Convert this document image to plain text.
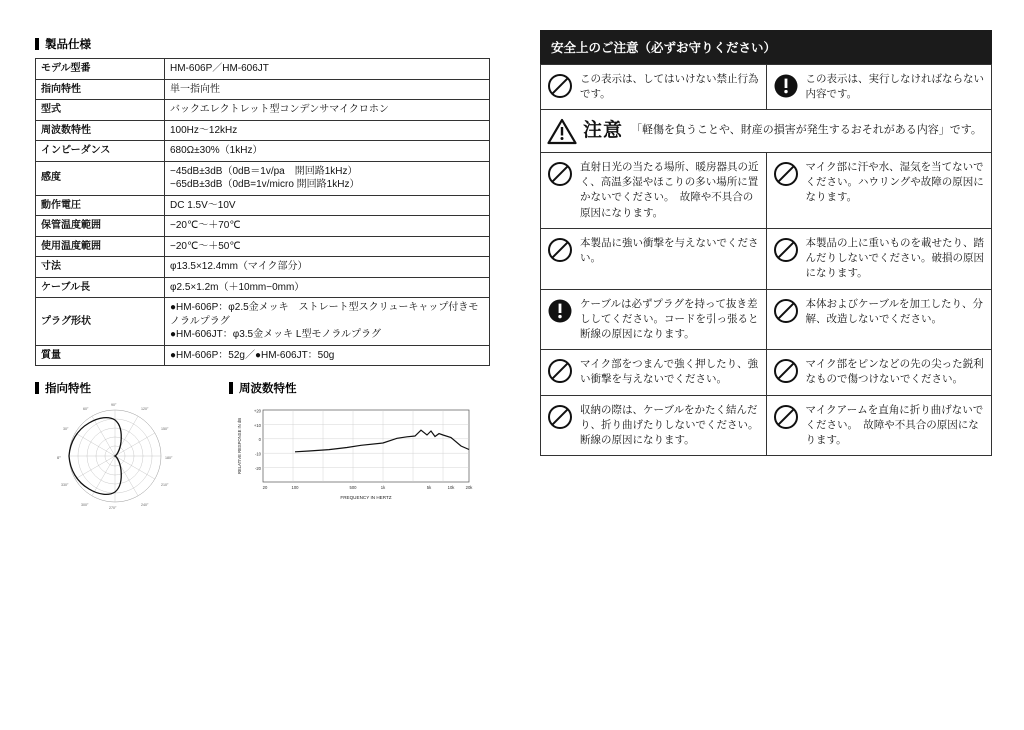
製品仕様
モデル型番	HM-606P／HM-606JT
指向特性	単一指向性
型式	バックエレクトレット型コンデンサマイクロホン
周波数特性	100Hz〜12kHz
インピーダンス	680Ω±30%（1kHz）
感度	−45dB±3dB（0dB＝1v/pa　開回路1kHz）
−65dB±3dB（0dB=1v/micro 開回路1kHz）

動作電圧	DC 1.5V〜10V
保管温度範囲	−20℃〜＋70℃
使用温度範囲	−20℃〜＋50℃
寸法	φ13.5×12.4mm（マイク部分）
ケーブル長	φ2.5×1.2m（＋10mm−0mm）
プラグ形状	●HM-606P：φ2.5金メッキ　ストレート型スクリューキャップ付きモノラルプラグ
●HM-606JT：φ3.5金メッキ L型モノラルプラグ

質量	●HM-606P：52g／●HM-606JT：50g
指向特性
0°
30°
60°
90°
120°
150°
180°
210°
240°
270°
300°
330°
周波数特性
+20
+10
0
-10
-20
20	100	500	1k	5k	10k	20k
FREQUENCY IN HERTZ
RELATIVE RESPONSE IN dB
安全上のご注意（必ずお守りください）
この表示は、してはいけない禁止行為です。	この表示は、実行しなければならない内容です。

注意 「軽傷を負うことや、財産の損害が発生するおそれがある内容」です。	

直射日光の当たる場所、暖房器具の近く、高温多湿やほこりの多い場所に置かないでください。　故障や不具合の原因になります。	マイク部に汗や水、湿気を当てないでください。ハウリングや故障の原因になります。

本製品に強い衝撃を与えないでください。	本製品の上に重いものを載せたり、踏んだりしないでください。破損の原因になります。

ケーブルは必ずプラグを持って抜き差ししてください。コードを引っ張ると断線の原因になります。	本体およびケーブルを加工したり、分解、改造しないでください。

マイク部をつまんで強く押したり、強い衝撃を与えないでください。	マイク部をピンなどの先の尖った鋭利なもので傷つけないでください。

収納の際は、ケーブルをかたく結んだり、折り曲げたりしないでください。断線の原因になります。	マイクアームを直角に折り曲げないでください。　故障や不具合の原因になります。
